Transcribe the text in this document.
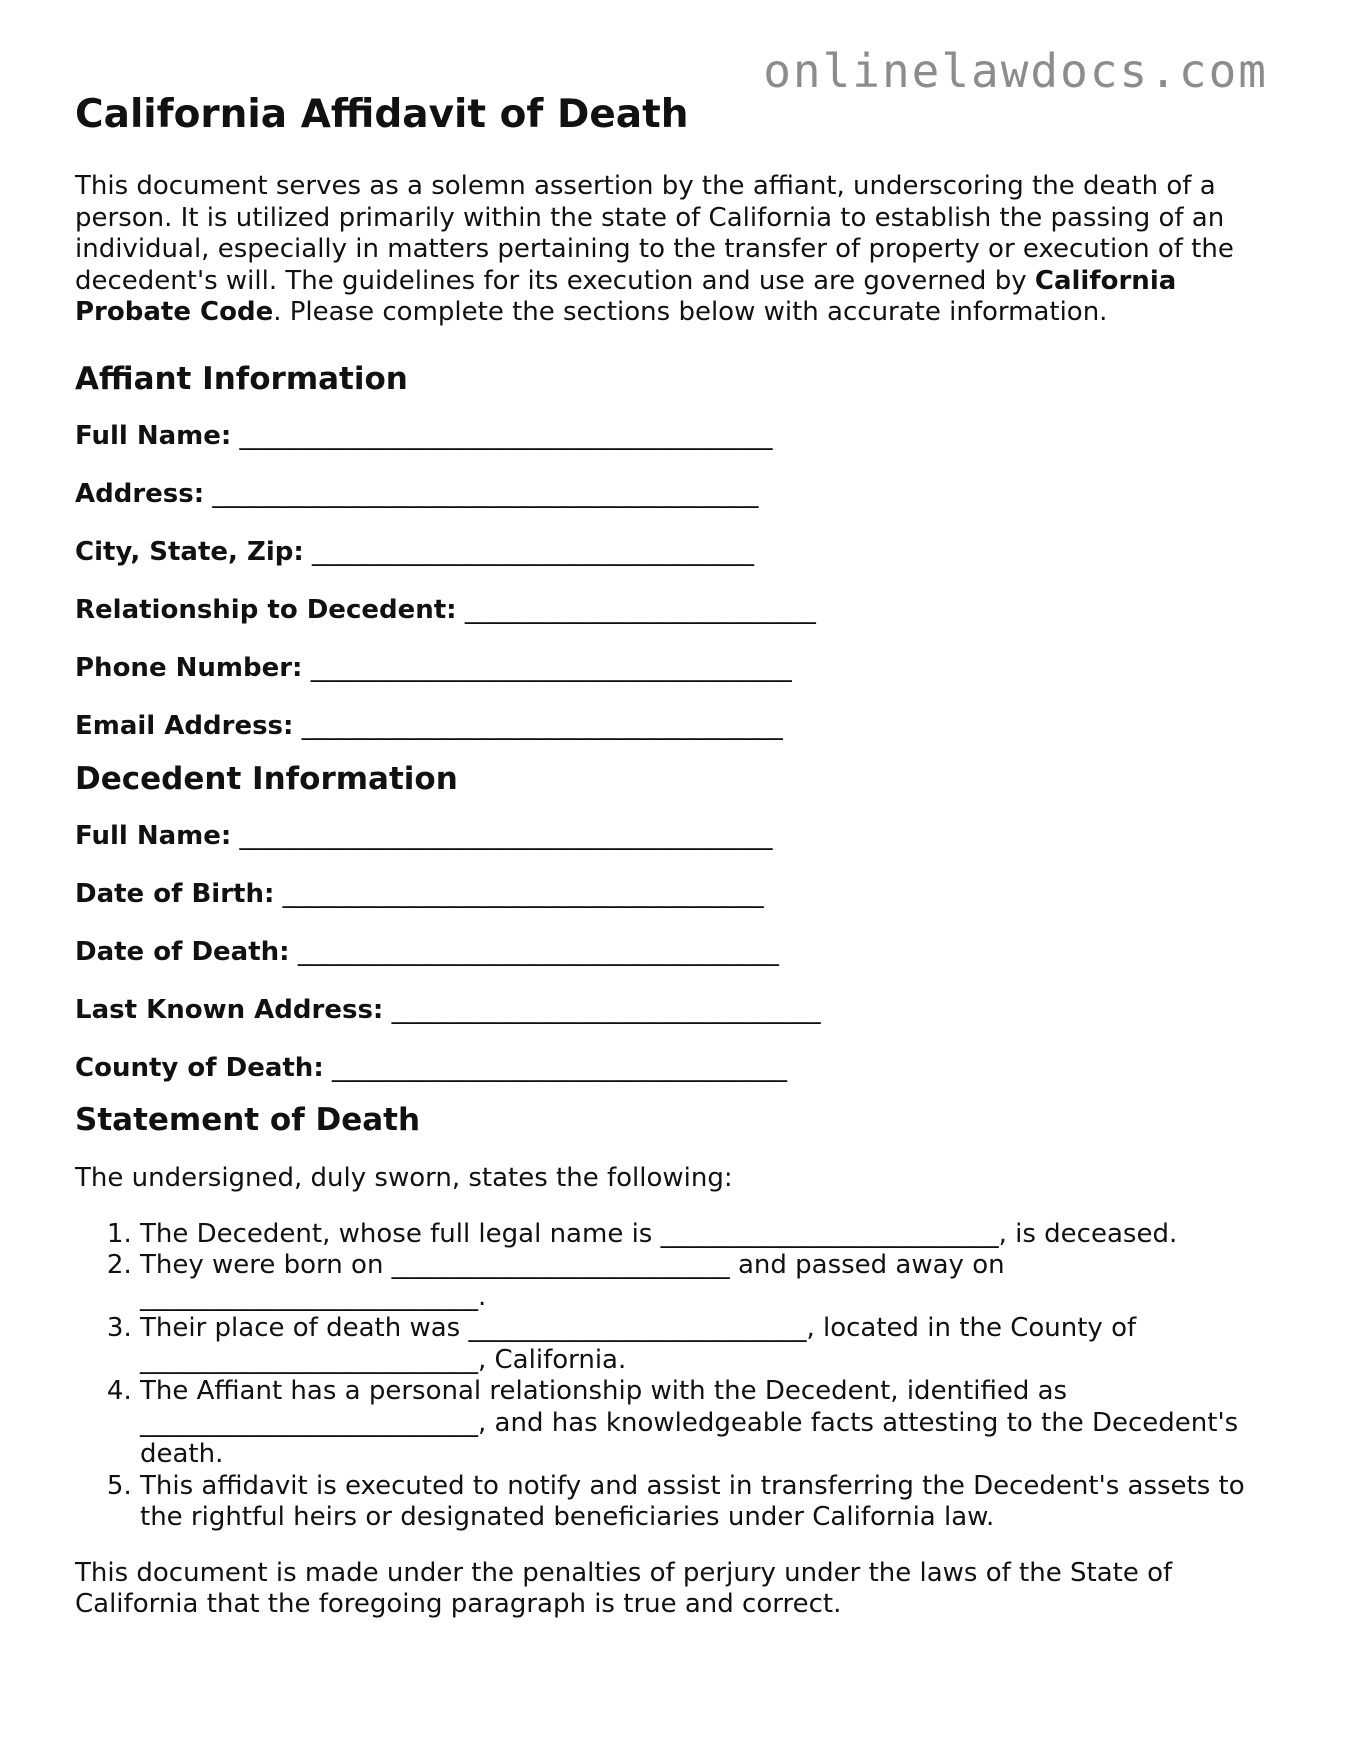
onlinelawdocs.com
California Affidavit of Death

This document serves as a solemn assertion by the affiant, underscoring the death of a person. It is utilized primarily within the state of California to establish the passing of an individual, especially in matters pertaining to the transfer of property or execution of the decedent's will. The guidelines for its execution and use are governed by California Probate Code. Please complete the sections below with accurate information.

Affiant Information
Full Name: _________________________________________
Address: __________________________________________
City, State, Zip: __________________________________
Relationship to Decedent: ___________________________
Phone Number: _____________________________________
Email Address: _____________________________________
Decedent Information
Full Name: _________________________________________
Date of Birth: _____________________________________
Date of Death: _____________________________________
Last Known Address: _________________________________
County of Death: ___________________________________
Statement of Death

The undersigned, duly sworn, states the following:

1. The Decedent, whose full legal name is __________________________, is deceased.
2. They were born on __________________________ and passed away on __________________________.
3. Their place of death was __________________________, located in the County of __________________________, California.
4. The Affiant has a personal relationship with the Decedent, identified as __________________________, and has knowledgeable facts attesting to the Decedent's death.
5. This affidavit is executed to notify and assist in transferring the Decedent's assets to the rightful heirs or designated beneficiaries under California law.

This document is made under the penalties of perjury under the laws of the State of California that the foregoing paragraph is true and correct.
